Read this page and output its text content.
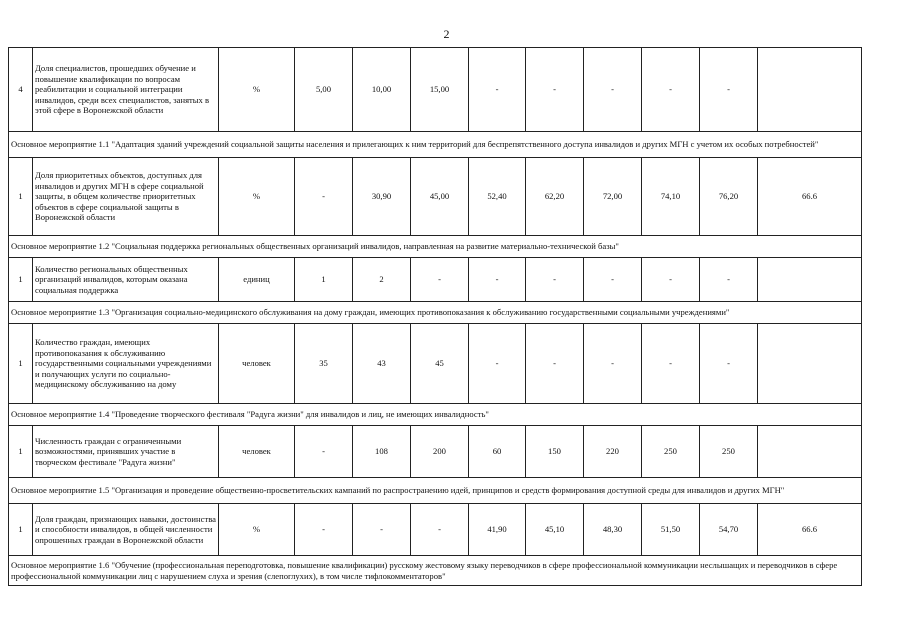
2
4	Доля специалистов, прошедших обучение и повышение квалификации по вопросам реабилитации и социальной интеграции инвалидов, среди всех специалистов, занятых в этой сфере в Воронежской области	%	5,00	10,00	15,00	-	-	-	-	-	
Основное мероприятие 1.1 "Адаптация зданий учреждений социальной защиты населения и прилегающих к ним территорий для беспрепятственного доступа инвалидов и других МГН с учетом их особых потребностей"											
1	Доля приоритетных объектов, доступных для инвалидов и других МГН в сфере социальной защиты, в общем количестве приоритетных объектов в сфере социальной защиты в Воронежской области	%	-	30,90	45,00	52,40	62,20	72,00	74,10	76,20	66.6
Основное мероприятие 1.2 "Социальная поддержка региональных общественных организаций инвалидов, направленная на развитие материально-технической базы"											
1	Количество региональных общественных организаций инвалидов, которым оказана социальная поддержка	единиц	1	2	-	-	-	-	-	-	
Основное мероприятие 1.3 "Организация социально-медицинского обслуживания на дому граждан, имеющих противопоказания к обслуживанию государственными социальными учреждениями"											
1	Количество граждан, имеющих противопоказания к обслуживанию государственными социальными учреждениями и получающих услуги по социально-медицинскому обслуживанию на дому	человек	35	43	45	-	-	-	-	-	
Основное мероприятие 1.4 "Проведение творческого фестиваля "Радуга жизни" для инвалидов и лиц, не имеющих инвалидность"											
1	Численность граждан с ограниченными возможностями, принявших участие в творческом фестивале "Радуга жизни"	человек	-	108	200	60	150	220	250	250	
Основное мероприятие 1.5 "Организация и проведение общественно-просветительских кампаний по распространению идей, принципов и средств формирования доступной среды для инвалидов и других МГН"											
1	Доля граждан, признающих навыки, достоинства и способности инвалидов, в общей численности опрошенных граждан в Воронежской области	%	-	-	-	41,90	45,10	48,30	51,50	54,70	66.6
Основное мероприятие 1.6 "Обучение (профессиональная переподготовка, повышение квалификации) русскому жестовому языку переводчиков в сфере профессиональной коммуникации неслышащих и переводчиков в сфере профессиональной коммуникации лиц с нарушением слуха и зрения (слепоглухих), в том числе тифлокомментаторов"											
